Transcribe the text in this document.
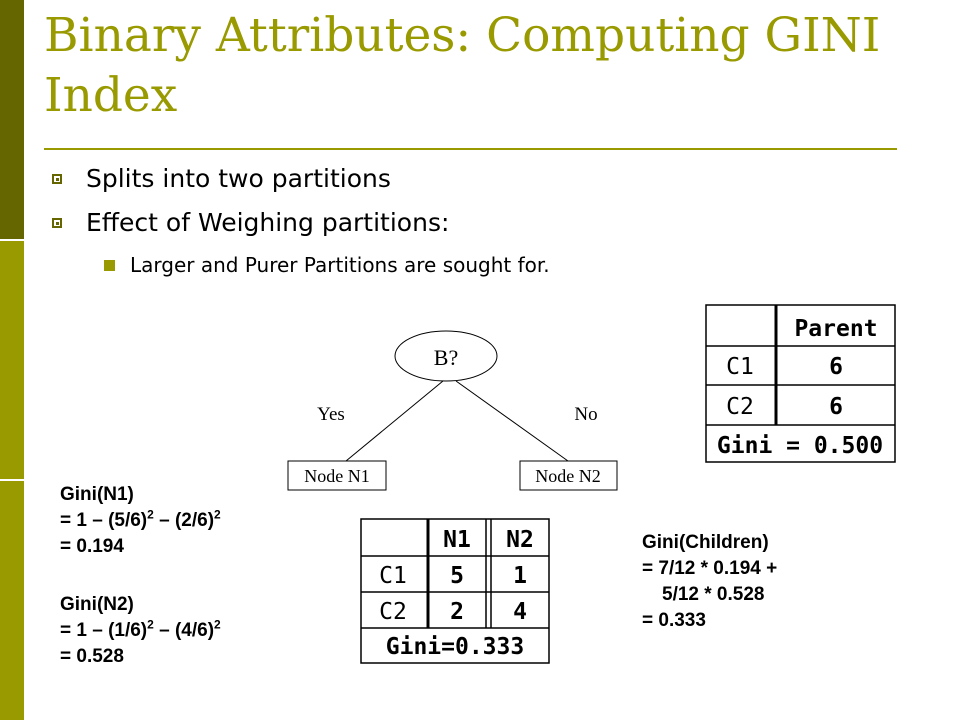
Binary Attributes: Computing GINI Index
Splits into two partitions
Effect of Weighing partitions:
Larger and Purer Partitions are sought for.
B?
Yes	No
Node N1	Node N2
Parent
C1	6
C2	6
Gini = 0.500
N1 N2
C1 5 1
C2 2 4
Gini=0.333
Gini(N1)
= $1 - (5/6)^2 - (2/6)^2$
= 0.194
Gini(N2)
= $1 - (1/6)^2 - (4/6)^2$
= 0.528
Gini(Children)
= 7/12 * 0.194 +
5/12 * 0.528
= 0.333
